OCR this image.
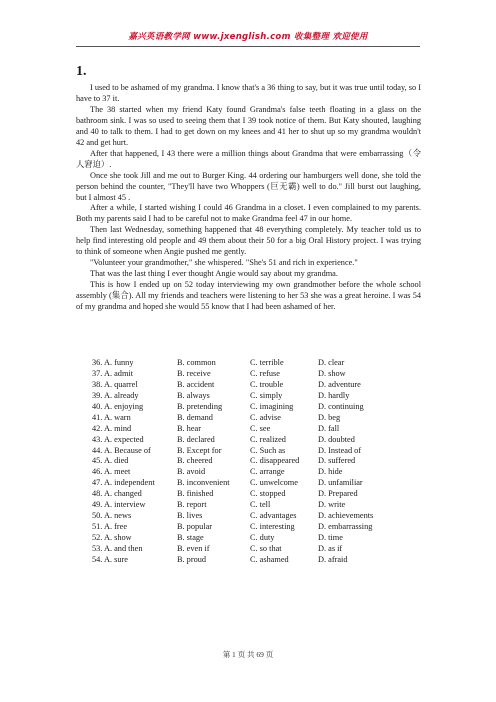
嘉兴英语教学网 www.jxenglish.com 收集整理 欢迎使用
1.

I used to be ashamed of my grandma. I know that's a 36 thing to say, but it was true until today, so I have to 37 it.

The 38 started when my friend Katy found Grandma's false teeth floating in a glass on the bathroom sink. I was so used to seeing them that I 39 took notice of them. But Katy shouted, laughing and 40 to talk to them. I had to get down on my knees and 41 her to shut up so my grandma wouldn't 42 and get hurt.

After that happened, I 43 there were a million things about Grandma that were embarrassing（令人窘迫）.

Once she took Jill and me out to Burger King. 44 ordering our hamburgers well done, she told the person behind the counter, "They'll have two Whoppers (巨无霸) well to do." Jill burst out laughing, but I almost 45 .

After a while, I started wishing I could 46 Grandma in a closet. I even complained to my parents. Both my parents said I had to be careful not to make Grandma feel 47 in our home.

Then last Wednesday, something happened that 48 everything completely. My teacher told us to help find interesting old people and 49 them about their 50 for a big Oral History project. I was trying to think of someone when Angie pushed me gently.

"Volunteer your grandmother," she whispered. "She's 51 and rich in experience."

That was the last thing I ever thought Angie would say about my grandma.

This is how I ended up on 52 today interviewing my own grandmother before the whole school assembly (集合). All my friends and teachers were listening to her 53 she was a great heroine. I was 54 of my grandma and hoped she would 55 know that I had been ashamed of her.

36. A. funny	B. common	C. terrible	D. clear
37. A. admit	B. receive	C. refuse	D. show
38. A. quarrel	B. accident	C. trouble	D. adventure
39. A. already	B. always	C. simply	D. hardly
40. A. enjoying	B. pretending	C. imagining	D. continuing
41. A. warn	B. demand	C. advise	D. beg
42. A. mind	B. hear	C. see	D. fall
43. A. expected	B. declared	C. realized	D. doubted
44. A. Because of	B. Except for	C. Such as	D. Instead of
45. A. died	B. cheered	C. disappeared	D. suffered
46. A. meet	B. avoid	C. arrange	D. hide
47. A. independent	B. inconvenient	C. unwelcome	D. unfamiliar
48. A. changed	B. finished	C. stopped	D. Prepared
49. A. interview	B. report	C. tell	D. write
50. A. news	B. lives	C. advantages	D. achievements
51. A. free	B. popular	C. interesting	D. embarrassing
52. A. show	B. stage	C. duty	D. time
53. A. and then	B. even if	C. so that	D. as if
54. A. sure	B. proud	C. ashamed	D. afraid
第 1 页 共 69 页
